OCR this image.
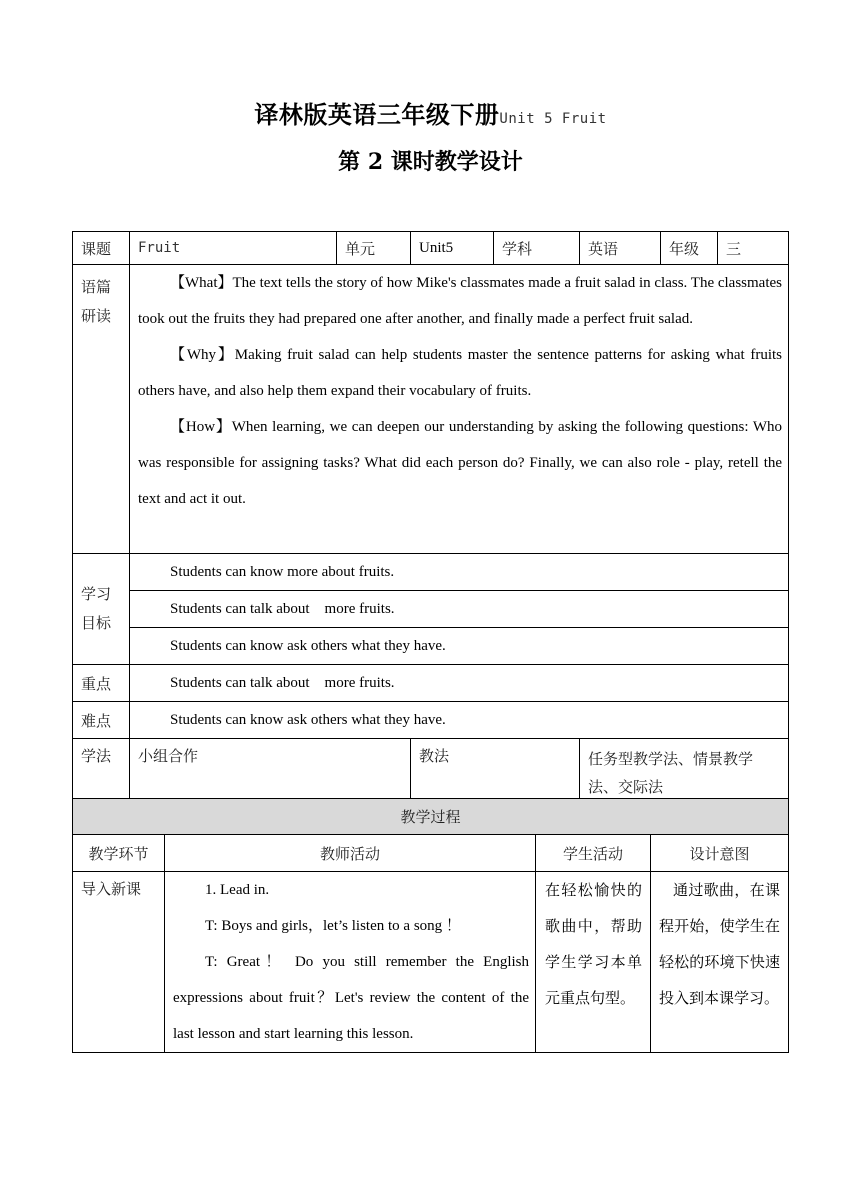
译林版英语三年级下册Unit 5 Fruit
第 2 课时教学设计
课题	Fruit	单元	Unit5	学科	英语	年级	三

语篇研读	【What】The text tells the story of how Mike's classmates made a fruit salad in class. The classmates took out the fruits they had prepared one after another, and finally made a perfect fruit salad.

【Why】Making fruit salad can help students master the sentence patterns for asking what fruits others have, and also help them expand their vocabulary of fruits.

【How】When learning, we can deepen our understanding by asking the following questions: Who was responsible for assigning tasks? What did each person do? Finally, we can also role - play, retell the text and act it out.						

学习目标	Students can know more about fruits.						
	Students can talk about    more fruits.						
	Students can know ask others what they have.						
重点	Students can talk about    more fruits.						
难点	Students can know ask others what they have.						
学法	小组合作		教法		任务型教学法、情景教学法、交际法		
教学过程			
教学环节	教师活动	学生活动	设计意图
导入新课	1. Lead in.

T: Boys and girls，let’s listen to a song ！

T: Great！ Do you still remember the English expressions about fruit？Let's review the content of the last lesson and start learning this lesson.	在轻松愉快的歌曲中，帮助学生学习本单元重点句型。	通过歌曲，在课程开始，使学生在轻松的环境下快速投入到本课学习。
